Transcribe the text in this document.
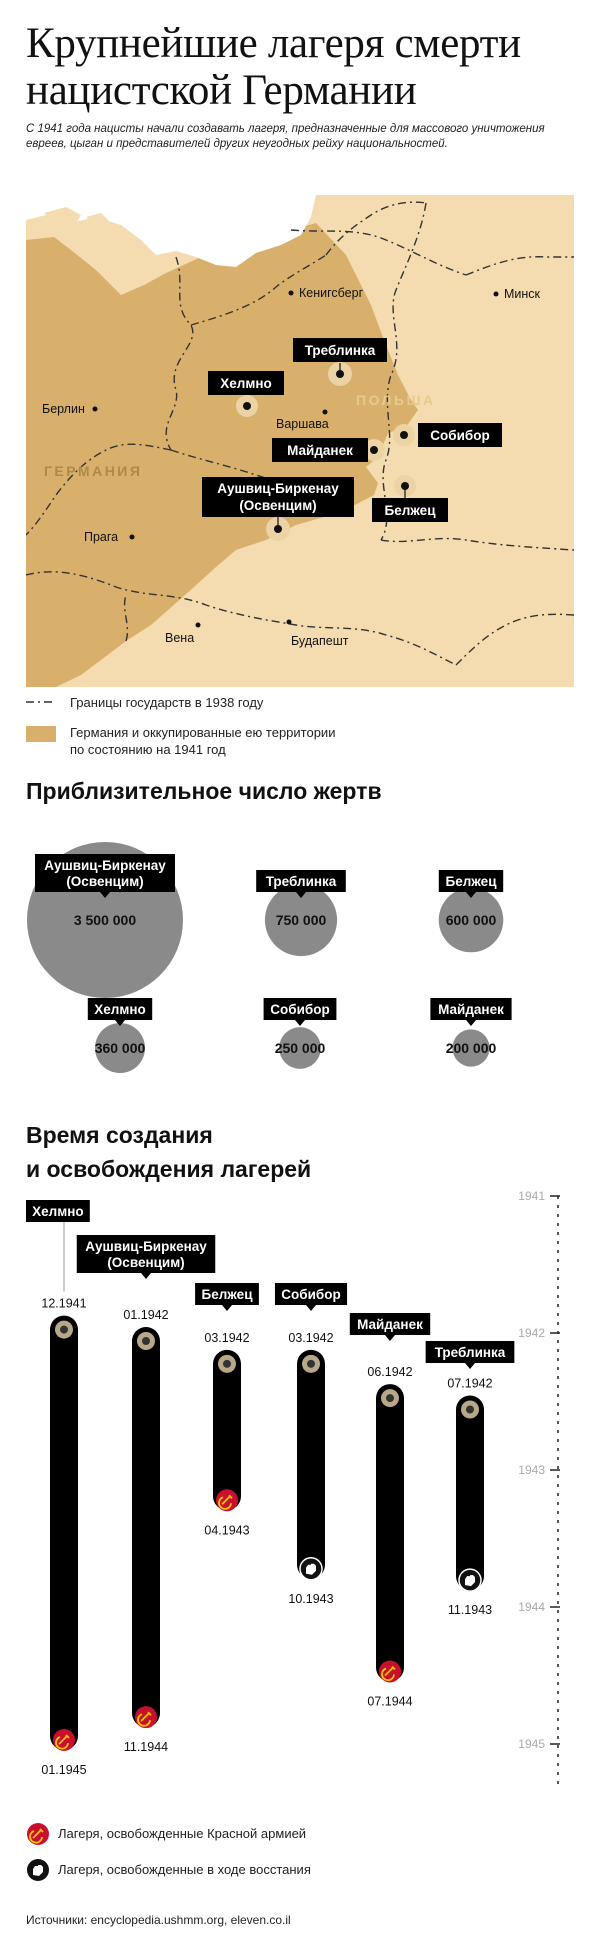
Крупнейшие лагеря смерти
нацистской Германии
С 1941 года нацисты начали создавать лагеря, предназначенные для массового уничтожения евреев, цыган и представителей других неугодных рейху национальностей.
ГЕРМАНИЯ
ПОЛЬША
Берлин
Варшава
Кенигсберг	Минск
Прага
Вена	Будапешт
Треблинка
Хелмно
Майданек
Собибор
Аушвиц-Биркенау
(Освенцим)	Белжец
Границы государств в 1938 году
Германия и оккупированные ею территории
по состоянию на 1941 год
Приблизительное число жертв
3 500 000
Аушвиц-Биркенау
(Освенцим)
750 000
Треблинка
600 000
Белжец
360 000
Хелмно
250 000
Собибор
200 000
Майданек
Время создания
и освобождения лагерей
1941
1942
1943
1944
1945
Хелмно
12.1941
01.1945
Аушвиц-Биркенау
(Освенцим)
01.1942
11.1944
Белжец
03.1942
04.1943
Собибор
03.1942
10.1943
Майданек
06.1942
07.1944
Треблинка
07.1942
11.1943
Лагеря, освобожденные Красной армией
Лагеря, освобожденные в ходе восстания
Источники: encyclopedia.ushmm.org, eleven.co.il
